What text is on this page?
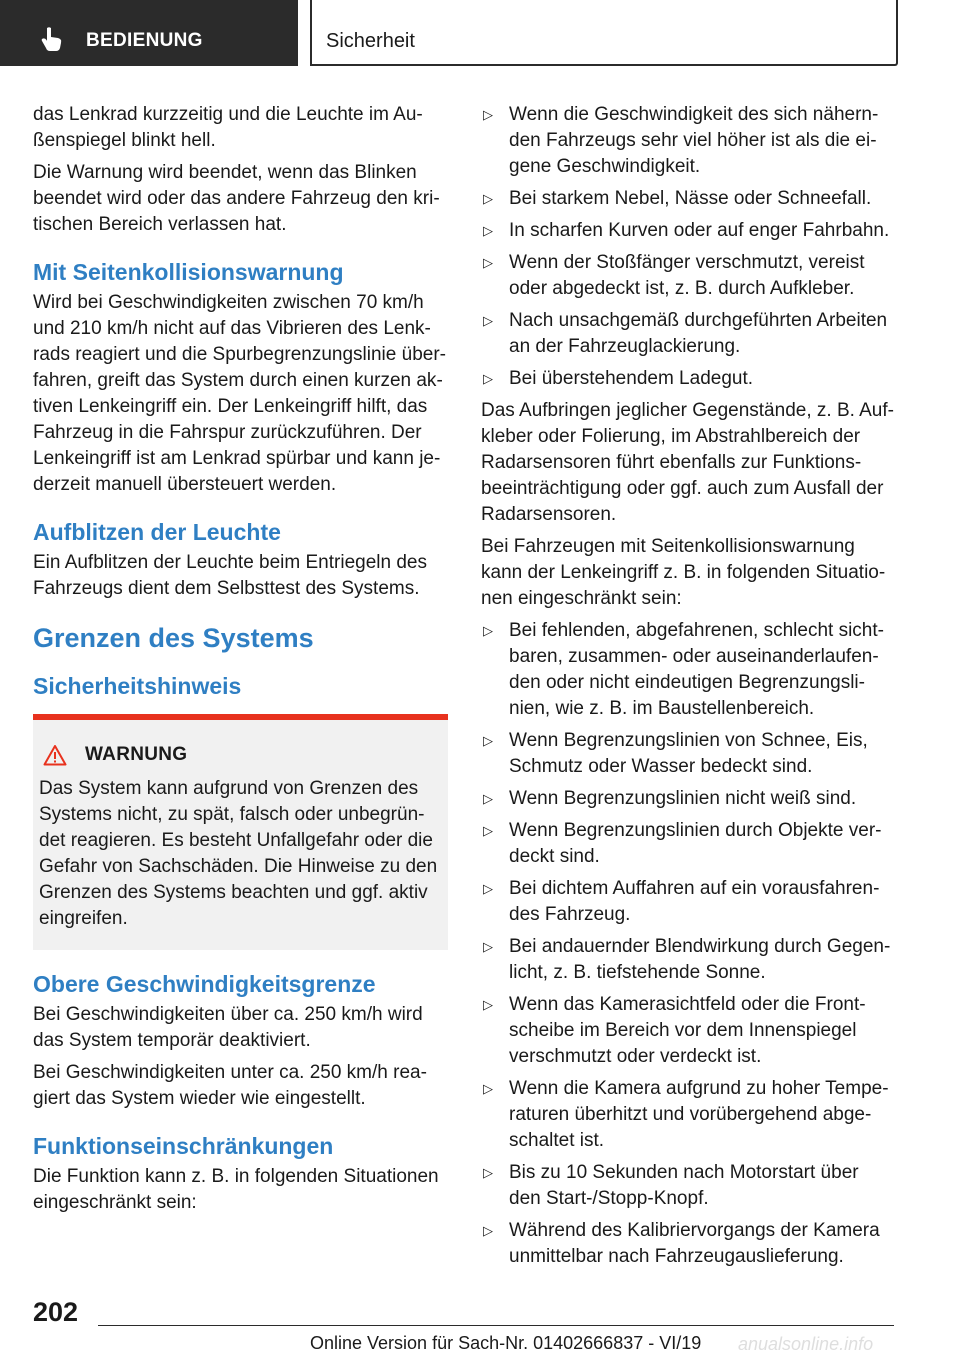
BEDIENUNG	Sicherheit

das Lenkrad kurzzeitig und die Leuchte im Außenspiegel blinkt hell.

Die Warnung wird beendet, wenn das Blinken beendet wird oder das andere Fahrzeug den kritischen Bereich verlassen hat.

Mit Seitenkollisionswarnung

Wird bei Geschwindigkeiten zwischen 70 km/h und 210 km/h nicht auf das Vibrieren des Lenkrads reagiert und die Spurbegrenzungslinie überfahren, greift das System durch einen kurzen aktiven Lenkeingriff ein. Der Lenkeingriff hilft, das Fahrzeug in die Fahrspur zurückzuführen. Der Lenkeingriff ist am Lenkrad spürbar und kann jederzeit manuell übersteuert werden.

Aufblitzen der Leuchte

Ein Aufblitzen der Leuchte beim Entriegeln des Fahrzeugs dient dem Selbsttest des Systems.

Grenzen des Systems
Sicherheitshinweis
WARNUNG

Das System kann aufgrund von Grenzen des Systems nicht, zu spät, falsch oder unbegründet reagieren. Es besteht Unfallgefahr oder die Gefahr von Sachschäden. Die Hinweise zu den Grenzen des Systems beachten und ggf. aktiv eingreifen.

Obere Geschwindigkeitsgrenze

Bei Geschwindigkeiten über ca. 250 km/h wird das System temporär deaktiviert.

Bei Geschwindigkeiten unter ca. 250 km/h reagiert das System wieder wie eingestellt.

Funktionseinschränkungen

Die Funktion kann z. B. in folgenden Situationen eingeschränkt sein:

▷ Wenn die Geschwindigkeit des sich nähernden Fahrzeugs sehr viel höher ist als die eigene Geschwindigkeit.
▷ Bei starkem Nebel, Nässe oder Schneefall.
▷ In scharfen Kurven oder auf enger Fahrbahn.
▷ Wenn der Stoßfänger verschmutzt, vereist oder abgedeckt ist, z. B. durch Aufkleber.
▷ Nach unsachgemäß durchgeführten Arbeiten an der Fahrzeuglackierung.
▷ Bei überstehendem Ladegut.

Das Aufbringen jeglicher Gegenstände, z. B. Aufkleber oder Folierung, im Abstrahlbereich der Radarsensoren führt ebenfalls zur Funktionsbeeinträchtigung oder ggf. auch zum Ausfall der Radarsensoren.

Bei Fahrzeugen mit Seitenkollisionswarnung kann der Lenkeingriff z. B. in folgenden Situationen eingeschränkt sein:

▷ Bei fehlenden, abgefahrenen, schlecht sichtbaren, zusammen- oder auseinanderlaufenden oder nicht eindeutigen Begrenzungslinien, wie z. B. im Baustellenbereich.
▷ Wenn Begrenzungslinien von Schnee, Eis, Schmutz oder Wasser bedeckt sind.
▷ Wenn Begrenzungslinien nicht weiß sind.
▷ Wenn Begrenzungslinien durch Objekte verdeckt sind.
▷ Bei dichtem Auffahren auf ein vorausfahrendes Fahrzeug.
▷ Bei andauernder Blendwirkung durch Gegenlicht, z. B. tiefstehende Sonne.
▷ Wenn das Kamerasichtfeld oder die Frontscheibe im Bereich vor dem Innenspiegel verschmutzt oder verdeckt ist.
▷ Wenn die Kamera aufgrund zu hoher Temperaturen überhitzt und vorübergehend abgeschaltet ist.
▷ Bis zu 10 Sekunden nach Motorstart über den Start-/Stopp-Knopf.
▷ Während des Kalibriervorgangs der Kamera unmittelbar nach Fahrzeugauslieferung.
202
Online Version für Sach-Nr. 01402666837 - VI/19 anualsonline.info
